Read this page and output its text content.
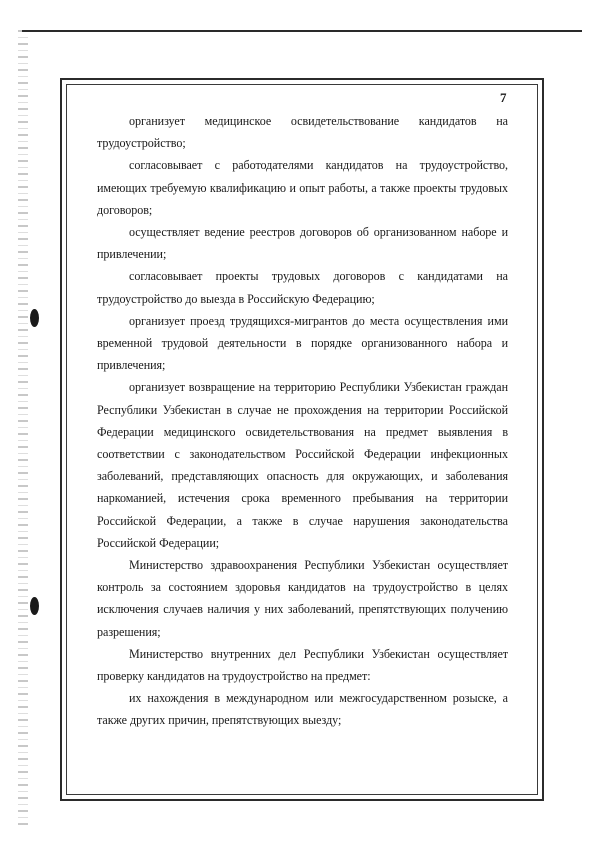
7

организует медицинское освидетельствование кандидатов на трудоустройство;

согласовывает с работодателями кандидатов на трудоустройство, имеющих требуемую квалификацию и опыт работы, а также проекты трудовых договоров;

осуществляет ведение реестров договоров об организованном наборе и привлечении;

согласовывает проекты трудовых договоров с кандидатами на трудоустройство до выезда в Российскую Федерацию;

организует проезд трудящихся-мигрантов до места осуществления ими временной трудовой деятельности в порядке организованного набора и привлечения;

организует возвращение на территорию Республики Узбекистан граждан Республики Узбекистан в случае не прохождения на территории Российской Федерации медицинского освидетельствования на предмет выявления в соответствии с законодательством Российской Федерации инфекционных заболеваний, представляющих опасность для окружающих, и заболевания наркоманией, истечения срока временного пребывания на территории Российской Федерации, а также в случае нарушения законодательства Российской Федерации;

Министерство здравоохранения Республики Узбекистан осуществляет контроль за состоянием здоровья кандидатов на трудоустройство в целях исключения случаев наличия у них заболеваний, препятствующих получению разрешения;

Министерство внутренних дел Республики Узбекистан осуществляет проверку кандидатов на трудоустройство на предмет:

их нахождения в международном или межгосударственном розыске, а также других причин, препятствующих выезду;
